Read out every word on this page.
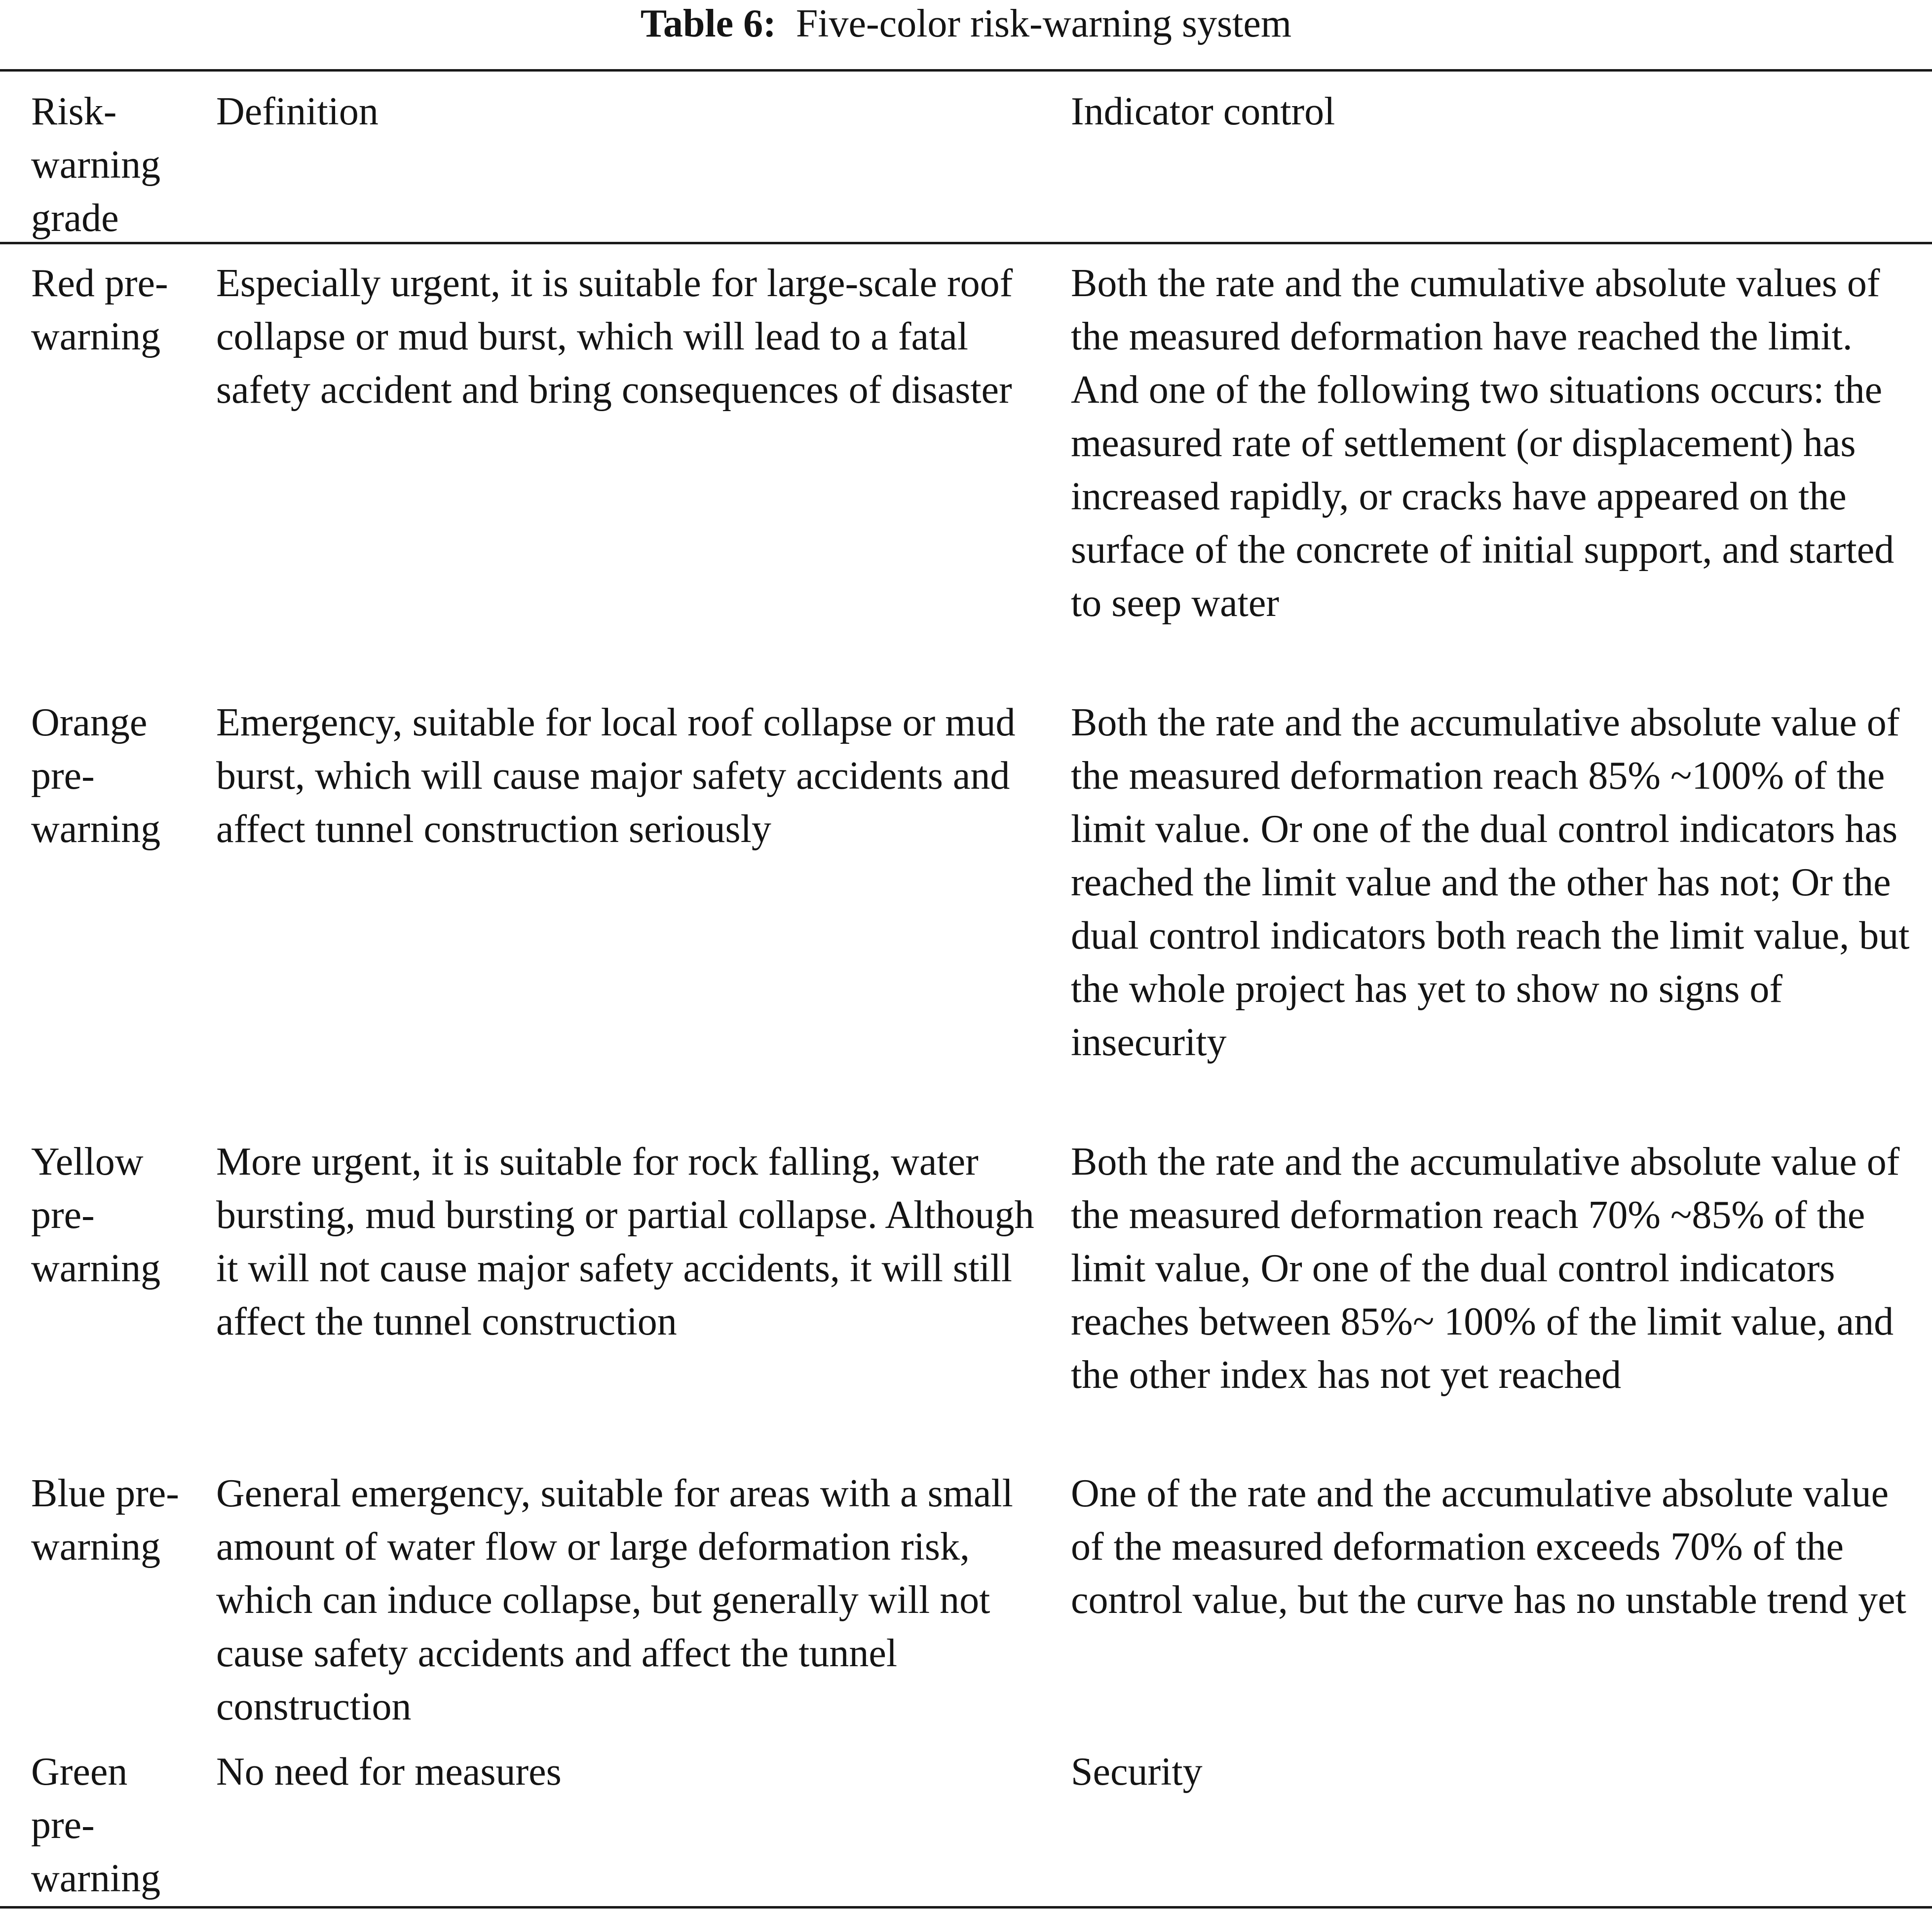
Table 6: Five-color risk-warning system
Risk-warning grade
Definition	Indicator control
Red pre-warning
Especially urgent, it is suitable for large-scale roof collapse or mud burst, which will lead to a fatal safety accident and bring consequences of disaster
Both the rate and the cumulative absolute values of the measured deformation have reached the limit. And one of the following two situations occurs: the measured rate of settlement (or displacement) has increased rapidly, or cracks have appeared on the surface of the concrete of initial support, and started to seep water
Orange pre-warning
Emergency, suitable for local roof collapse or mud burst, which will cause major safety accidents and affect tunnel construction seriously
Both the rate and the accumulative absolute value of the measured deformation reach 85% ~100% of the limit value. Or one of the dual control indicators has reached the limit value and the other has not; Or the dual control indicators both reach the limit value, but the whole project has yet to show no signs of insecurity
Yellow pre-warning
More urgent, it is suitable for rock falling, water bursting, mud bursting or partial collapse. Although it will not cause major safety accidents, it will still affect the tunnel construction
Both the rate and the accumulative absolute value of the measured deformation reach 70% ~85% of the limit value, Or one of the dual control indicators reaches between 85%~ 100% of the limit value, and the other index has not yet reached
Blue pre-warning
General emergency, suitable for areas with a small amount of water flow or large deformation risk, which can induce collapse, but generally will not cause safety accidents and affect the tunnel construction
One of the rate and the accumulative absolute value of the measured deformation exceeds 70% of the control value, but the curve has no unstable trend yet
Green pre-warning
No need for measures	Security
